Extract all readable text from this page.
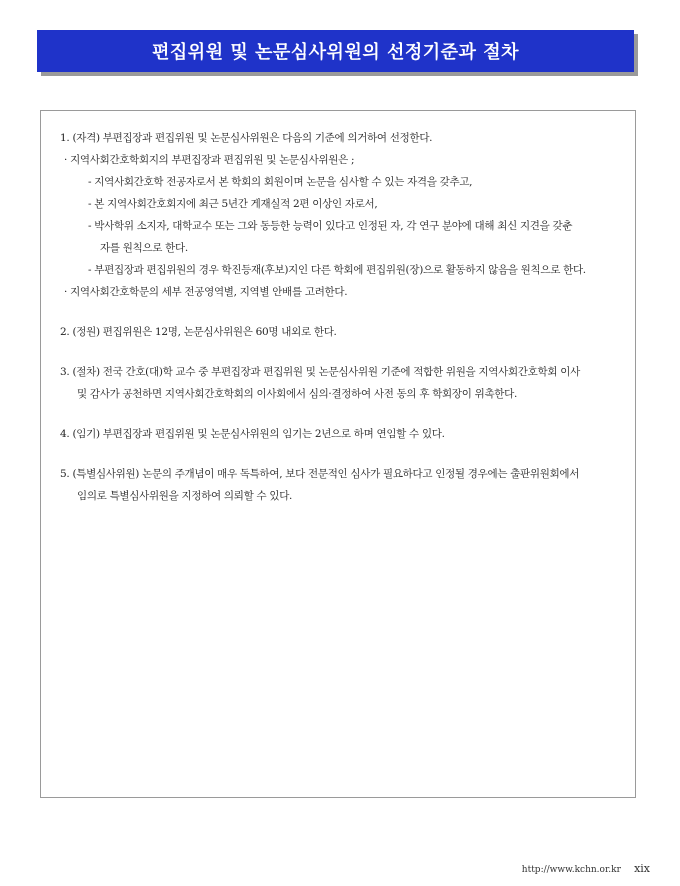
편집위원 및 논문심사위원의 선정기준과 절차
1. (자격) 부편집장과 편집위원 및 논문심사위원은 다음의 기준에 의거하여 선정한다.
· 지역사회간호학회지의 부편집장과 편집위원 및 논문심사위원은 ;
- 지역사회간호학 전공자로서 본 학회의 회원이며 논문을 심사할 수 있는 자격을 갖추고,
- 본 지역사회간호회지에 최근 5년간 게재실적 2편 이상인 자로서,
- 박사학위 소지자, 대학교수 또는 그와 동등한 능력이 있다고 인정된 자, 각 연구 분야에 대해 최신 지견을 갖춘
자를 원칙으로 한다.
- 부편집장과 편집위원의 경우 학진등재(후보)지인 다른 학회에 편집위원(장)으로 활동하지 않음을 원칙으로 한다.
· 지역사회간호학문의 세부 전공영역별, 지역별 안배를 고려한다.
2. (정원) 편집위원은 12명, 논문심사위원은 60명 내외로 한다.
3. (절차) 전국 간호(대)학 교수 중 부편집장과 편집위원 및 논문심사위원 기준에 적합한 위원을 지역사회간호학회 이사
및 감사가 공천하면 지역사회간호학회의 이사회에서 심의·결정하여 사전 동의 후 학회장이 위촉한다.
4. (임기) 부편집장과 편집위원 및 논문심사위원의 임기는 2년으로 하며 연임할 수 있다.
5. (특별심사위원) 논문의 주개념이 매우 독특하여, 보다 전문적인 심사가 필요하다고 인정될 경우에는 출판위원회에서
임의로 특별심사위원을 지정하여 의뢰할 수 있다.
http://www.kchn.or.kr xix
